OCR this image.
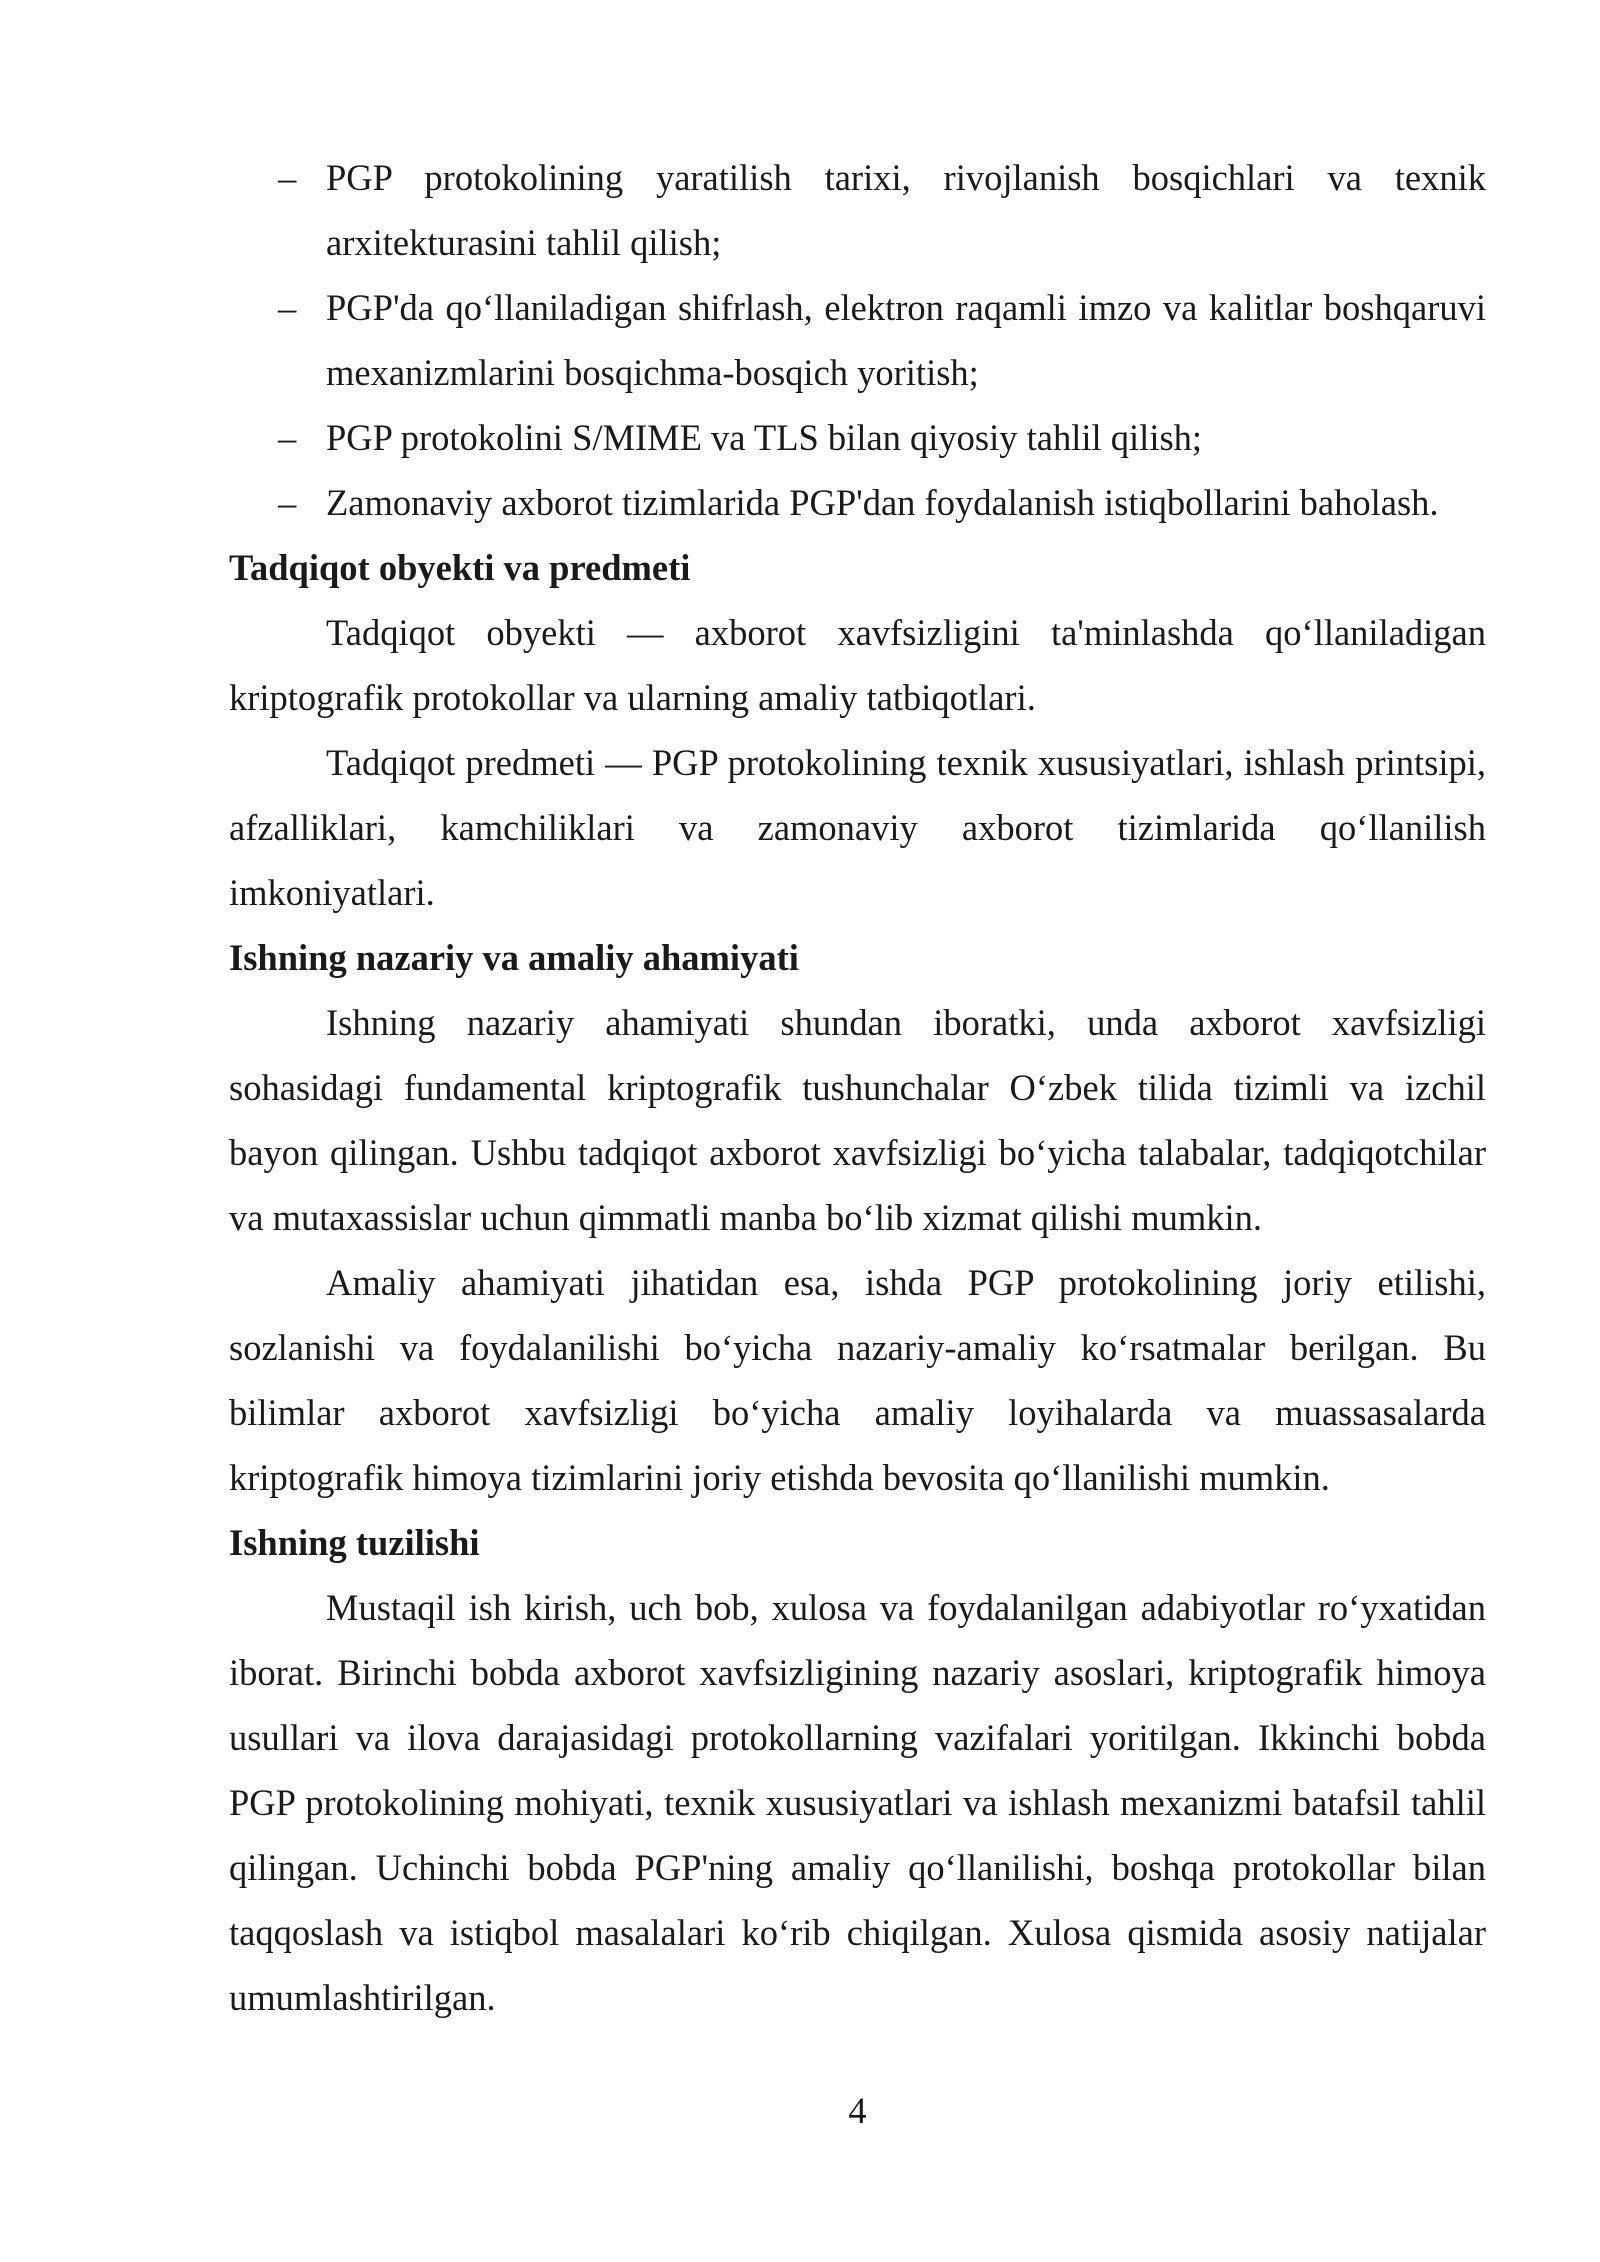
– PGP protokolining yaratilish tarixi, rivojlanish bosqichlari va texnik arxitekturasini tahlil qilish;
– PGP'da qo‘llaniladigan shifrlash, elektron raqamli imzo va kalitlar boshqaruvi mexanizmlarini bosqichma-bosqich yoritish;
– PGP protokolini S/MIME va TLS bilan qiyosiy tahlil qilish;
– Zamonaviy axborot tizimlarida PGP'dan foydalanish istiqbollarini baholash.
Tadqiqot obyekti va predmeti

Tadqiqot obyekti — axborot xavfsizligini ta'minlashda qo‘llaniladigan kriptografik protokollar va ularning amaliy tatbiqotlari.

Tadqiqot predmeti — PGP protokolining texnik xususiyatlari, ishlash printsipi, afzalliklari, kamchiliklari va zamonaviy axborot tizimlarida qo‘llanilish imkoniyatlari.

Ishning nazariy va amaliy ahamiyati

Ishning nazariy ahamiyati shundan iboratki, unda axborot xavfsizligi sohasidagi fundamental kriptografik tushunchalar O‘zbek tilida tizimli va izchil bayon qilingan. Ushbu tadqiqot axborot xavfsizligi bo‘yicha talabalar, tadqiqotchilar va mutaxassislar uchun qimmatli manba bo‘lib xizmat qilishi mumkin.

Amaliy ahamiyati jihatidan esa, ishda PGP protokolining joriy etilishi, sozlanishi va foydalanilishi bo‘yicha nazariy-amaliy ko‘rsatmalar berilgan. Bu bilimlar axborot xavfsizligi bo‘yicha amaliy loyihalarda va muassasalarda kriptografik himoya tizimlarini joriy etishda bevosita qo‘llanilishi mumkin.

Ishning tuzilishi

Mustaqil ish kirish, uch bob, xulosa va foydalanilgan adabiyotlar ro‘yxatidan iborat. Birinchi bobda axborot xavfsizligining nazariy asoslari, kriptografik himoya usullari va ilova darajasidagi protokollarning vazifalari yoritilgan. Ikkinchi bobda PGP protokolining mohiyati, texnik xususiyatlari va ishlash mexanizmi batafsil tahlil qilingan. Uchinchi bobda PGP'ning amaliy qo‘llanilishi, boshqa protokollar bilan taqqoslash va istiqbol masalalari ko‘rib chiqilgan. Xulosa qismida asosiy natijalar umumlashtirilgan.

4
